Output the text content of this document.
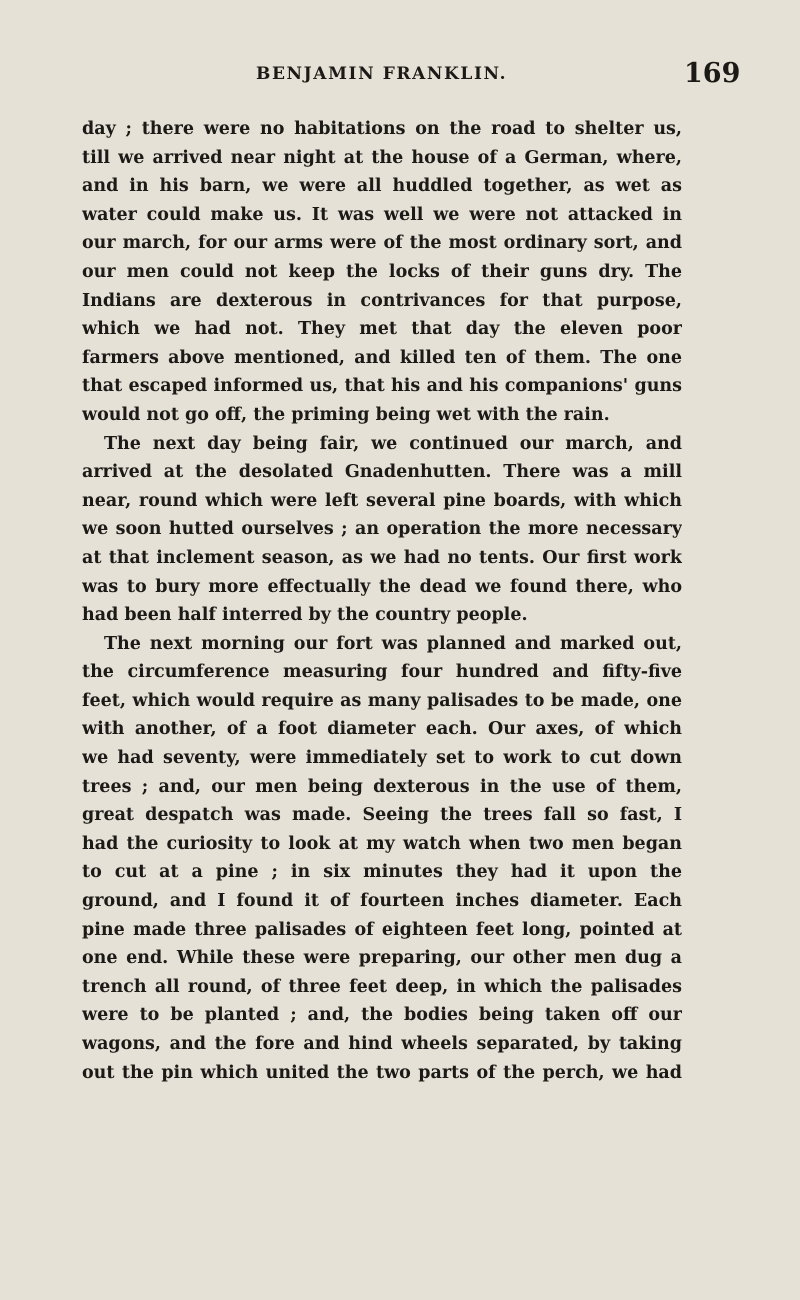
BENJAMIN FRANKLIN.	169
day ; there were no habitations on the road to shelter us,
till we arrived near night at the house of a German, where,
and in his barn, we were all huddled together, as wet as
water could make us. It was well we were not attacked in
our march, for our arms were of the most ordinary sort, and
our men could not keep the locks of their guns dry. The
Indians are dexterous in contrivances for that purpose,
which we had not. They met that day the eleven poor
farmers above mentioned, and killed ten of them. The one
that escaped informed us, that his and his companions' guns
would not go off, the priming being wet with the rain.
The next day being fair, we continued our march, and
arrived at the desolated Gnadenhutten. There was a mill
near, round which were left several pine boards, with which
we soon hutted ourselves ; an operation the more necessary
at that inclement season, as we had no tents. Our first work
was to bury more effectually the dead we found there, who
had been half interred by the country people.
The next morning our fort was planned and marked out,
the circumference measuring four hundred and fifty-five
feet, which would require as many palisades to be made, one
with another, of a foot diameter each. Our axes, of which
we had seventy, were immediately set to work to cut down
trees ; and, our men being dexterous in the use of them,
great despatch was made. Seeing the trees fall so fast, I
had the curiosity to look at my watch when two men began
to cut at a pine ; in six minutes they had it upon the
ground, and I found it of fourteen inches diameter. Each
pine made three palisades of eighteen feet long, pointed at
one end. While these were preparing, our other men dug a
trench all round, of three feet deep, in which the palisades
were to be planted ; and, the bodies being taken off our
wagons, and the fore and hind wheels separated, by taking
out the pin which united the two parts of the perch, we had
